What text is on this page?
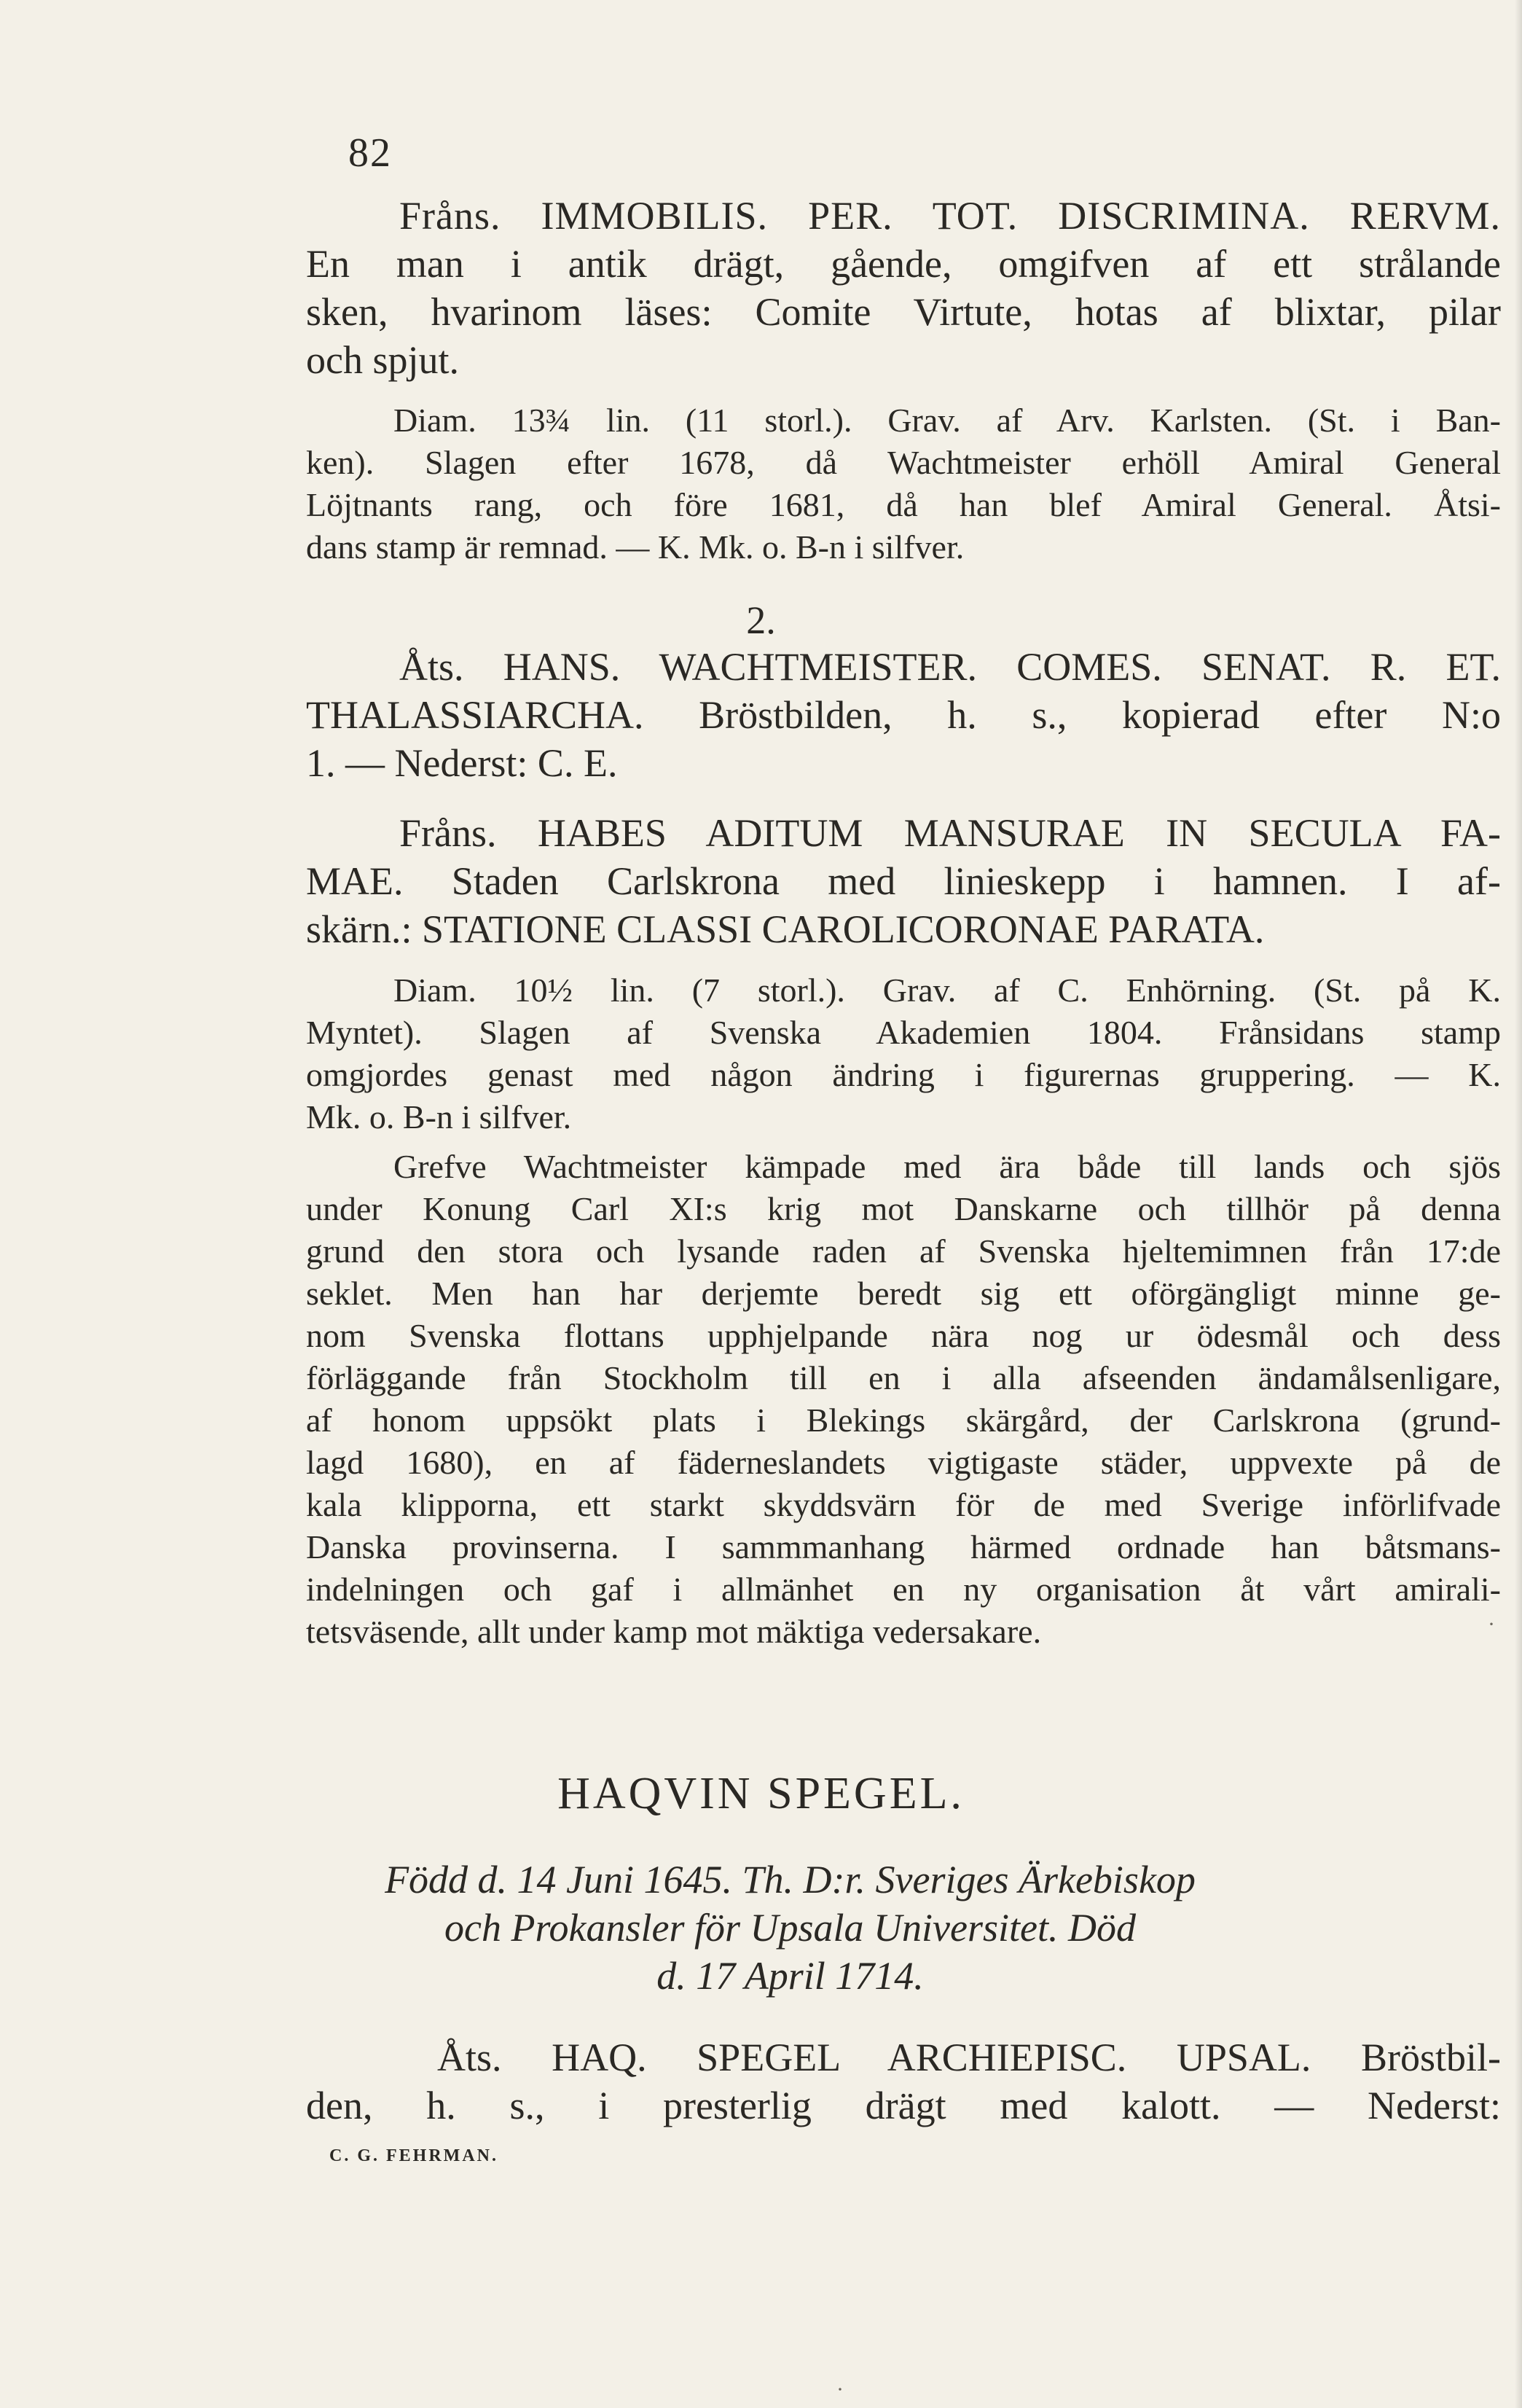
82
Fråns. IMMOBILIS. PER. TOT. DISCRIMINA. RERVM.
En man i antik drägt, gående, omgifven af ett strålande
sken, hvarinom läses: Comite Virtute, hotas af blixtar, pilar
och spjut.
Diam. 13¾ lin. (11 storl.). Grav. af Arv. Karlsten. (St. i Ban-
ken). Slagen efter 1678, då Wachtmeister erhöll Amiral General
Löjtnants rang, och före 1681, då han blef Amiral General. Åtsi-
dans stamp är remnad. — K. Mk. o. B-n i silfver.
2.
Åts. HANS. WACHTMEISTER. COMES. SENAT. R. ET.
THALASSIARCHA. Bröstbilden, h. s., kopierad efter N:o
1. — Nederst: C. E.
Fråns. HABES ADITUM MANSURAE IN SECULA FA-
MAE. Staden Carlskrona med linieskepp i hamnen. I af-
skärn.: STATIONE CLASSI CAROLICORONAE PARATA.
Diam. 10½ lin. (7 storl.). Grav. af C. Enhörning. (St. på K.
Myntet). Slagen af Svenska Akademien 1804. Frånsidans stamp
omgjordes genast med någon ändring i figurernas gruppering. — K.
Mk. o. B-n i silfver.
Grefve Wachtmeister kämpade med ära både till lands och sjös
under Konung Carl XI:s krig mot Danskarne och tillhör på denna
grund den stora och lysande raden af Svenska hjeltemimnen från 17:de
seklet. Men han har derjemte beredt sig ett oförgängligt minne ge-
nom Svenska flottans upphjelpande nära nog ur ödesmål och dess
förläggande från Stockholm till en i alla afseenden ändamålsenligare,
af honom uppsökt plats i Blekings skärgård, der Carlskrona (grund-
lagd 1680), en af fäderneslandets vigtigaste städer, uppvexte på de
kala klipporna, ett starkt skyddsvärn för de med Sverige införlifvade
Danska provinserna. I sammmanhang härmed ordnade han båtsmans-
indelningen och gaf i allmänhet en ny organisation åt vårt amirali-
tetsväsende, allt under kamp mot mäktiga vedersakare.
HAQVIN SPEGEL.
Född d. 14 Juni 1645. Th. D:r. Sveriges Ärkebiskop
och Prokansler för Upsala Universitet. Död
d. 17 April 1714.
Åts. HAQ. SPEGEL ARCHIEPISC. UPSAL. Bröstbil-
den, h. s., i presterlig drägt med kalott. — Nederst:
C. G. FEHRMAN.
·
·
